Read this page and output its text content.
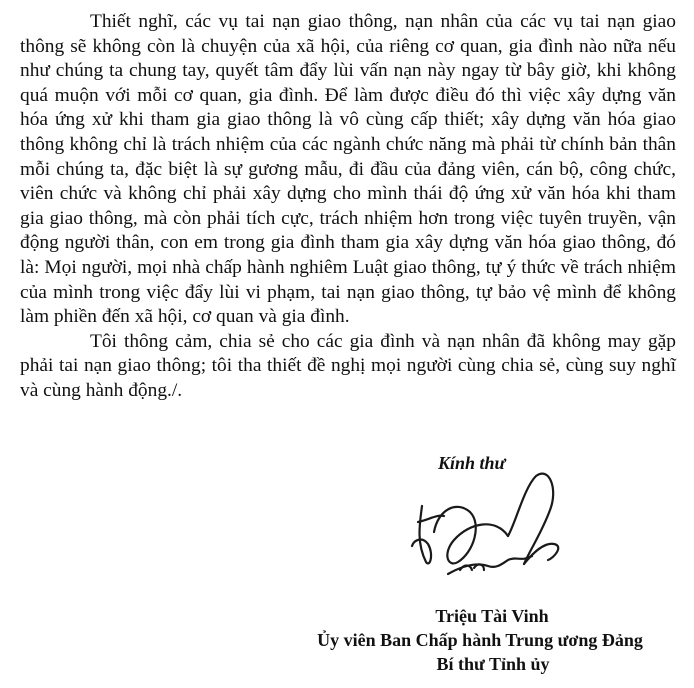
Thiết nghĩ, các vụ tai nạn giao thông, nạn nhân của các vụ tai nạn giao thông sẽ không còn là chuyện của xã hội, của riêng cơ quan, gia đình nào nữa nếu như chúng ta chung tay, quyết tâm đẩy lùi vấn nạn này ngay từ bây giờ, khi không quá muộn với mỗi cơ quan, gia đình. Để làm được điều đó thì việc xây dựng văn hóa ứng xử khi tham gia giao thông là vô cùng cấp thiết; xây dựng văn hóa giao thông không chỉ là trách nhiệm của các ngành chức năng mà phải từ chính bản thân mỗi chúng ta, đặc biệt là sự gương mẫu, đi đầu của đảng viên, cán bộ, công chức, viên chức và không chỉ phải xây dựng cho mình thái độ ứng xử văn hóa khi tham gia giao thông, mà còn phải tích cực, trách nhiệm hơn trong việc tuyên truyền, vận động người thân, con em trong gia đình tham gia xây dựng văn hóa giao thông, đó là: Mọi người, mọi nhà chấp hành nghiêm Luật giao thông, tự ý thức về trách nhiệm của mình trong việc đẩy lùi vi phạm, tai nạn giao thông, tự bảo vệ mình để không làm phiền đến xã hội, cơ quan và gia đình.

Tôi thông cảm, chia sẻ cho các gia đình và nạn nhân đã không may gặp phải tai nạn giao thông; tôi tha thiết đề nghị mọi người cùng chia sẻ, cùng suy nghĩ và cùng hành động./.

Kính thư
Triệu Tài Vinh
Ủy viên Ban Chấp hành Trung ương Đảng
Bí thư Tỉnh ủy
